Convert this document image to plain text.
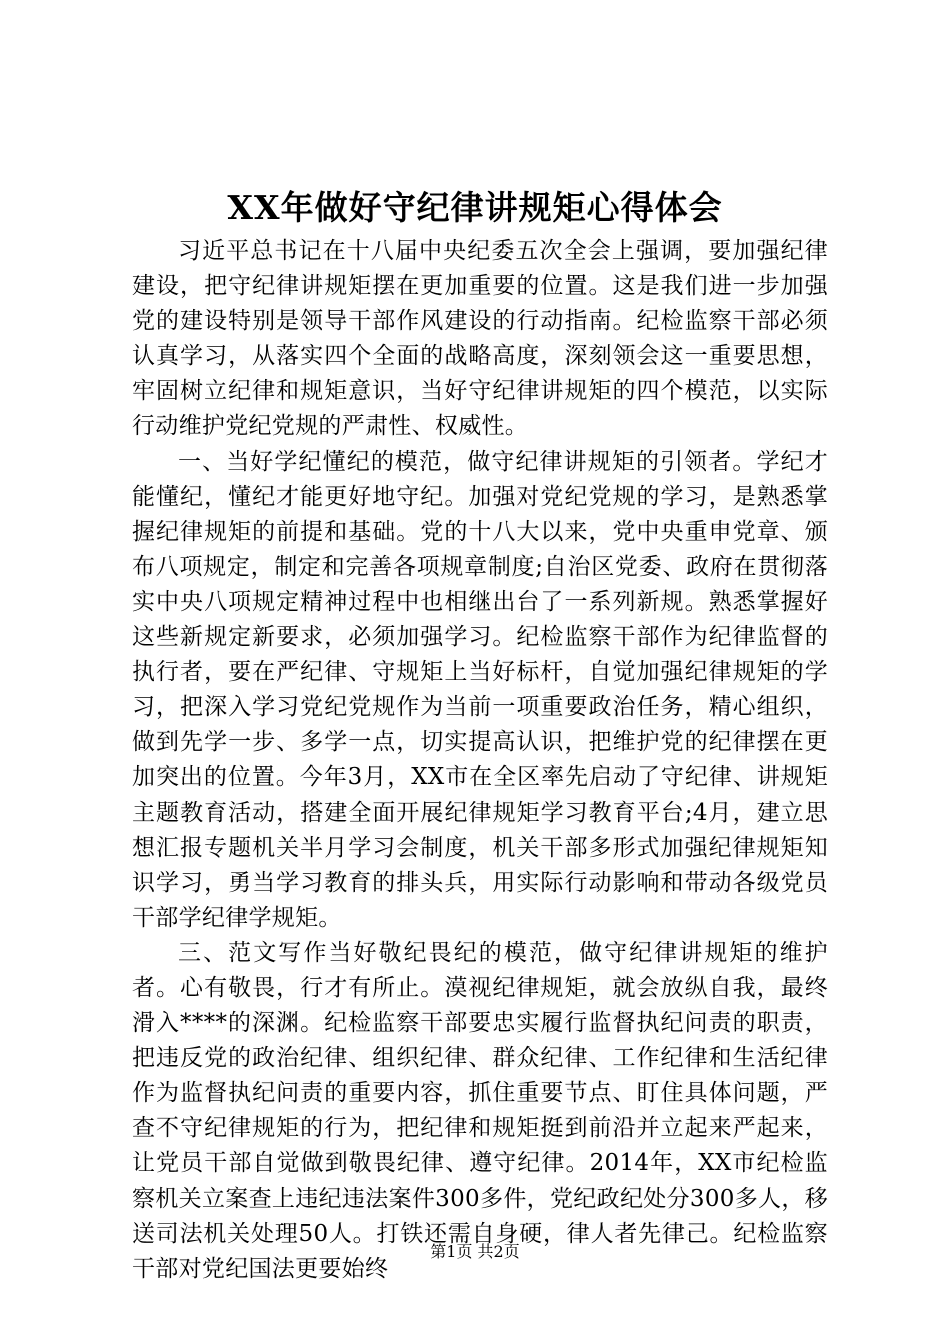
XX年做好守纪律讲规矩心得体会

习近平总书记在十八届中央纪委五次全会上强调，要加强纪律建设，把守纪律讲规矩摆在更加重要的位置。这是我们进一步加强党的建设特别是领导干部作风建设的行动指南。纪检监察干部必须认真学习，从落实四个全面的战略高度，深刻领会这一重要思想，牢固树立纪律和规矩意识，当好守纪律讲规矩的四个模范，以实际行动维护党纪党规的严肃性、权威性。

一、当好学纪懂纪的模范，做守纪律讲规矩的引领者。学纪才能懂纪，懂纪才能更好地守纪。加强对党纪党规的学习，是熟悉掌握纪律规矩的前提和基础。党的十八大以来，党中央重申党章、颁布八项规定，制定和完善各项规章制度;自治区党委、政府在贯彻落实中央八项规定精神过程中也相继出台了一系列新规。熟悉掌握好这些新规定新要求，必须加强学习。纪检监察干部作为纪律监督的执行者，要在严纪律、守规矩上当好标杆，自觉加强纪律规矩的学习，把深入学习党纪党规作为当前一项重要政治任务，精心组织，做到先学一步、多学一点，切实提高认识，把维护党的纪律摆在更加突出的位置。今年3月，XX市在全区率先启动了守纪律、讲规矩主题教育活动，搭建全面开展纪律规矩学习教育平台;4月，建立思想汇报专题机关半月学习会制度，机关干部多形式加强纪律规矩知识学习，勇当学习教育的排头兵，用实际行动影响和带动各级党员干部学纪律学规矩。

三、范文写作当好敬纪畏纪的模范，做守纪律讲规矩的维护者。心有敬畏，行才有所止。漠视纪律规矩，就会放纵自我，最终滑入****的深渊。纪检监察干部要忠实履行监督执纪问责的职责，把违反党的政治纪律、组织纪律、群众纪律、工作纪律和生活纪律作为监督执纪问责的重要内容，抓住重要节点、盯住具体问题，严查不守纪律规矩的行为，把纪律和规矩挺到前沿并立起来严起来，让党员干部自觉做到敬畏纪律、遵守纪律。2014年，XX市纪检监察机关立案查上违纪违法案件300多件，党纪政纪处分300多人，移送司法机关处理50人。打铁还需自身硬，律人者先律己。纪检监察干部对党纪国法更要始终

第1页 共2页
